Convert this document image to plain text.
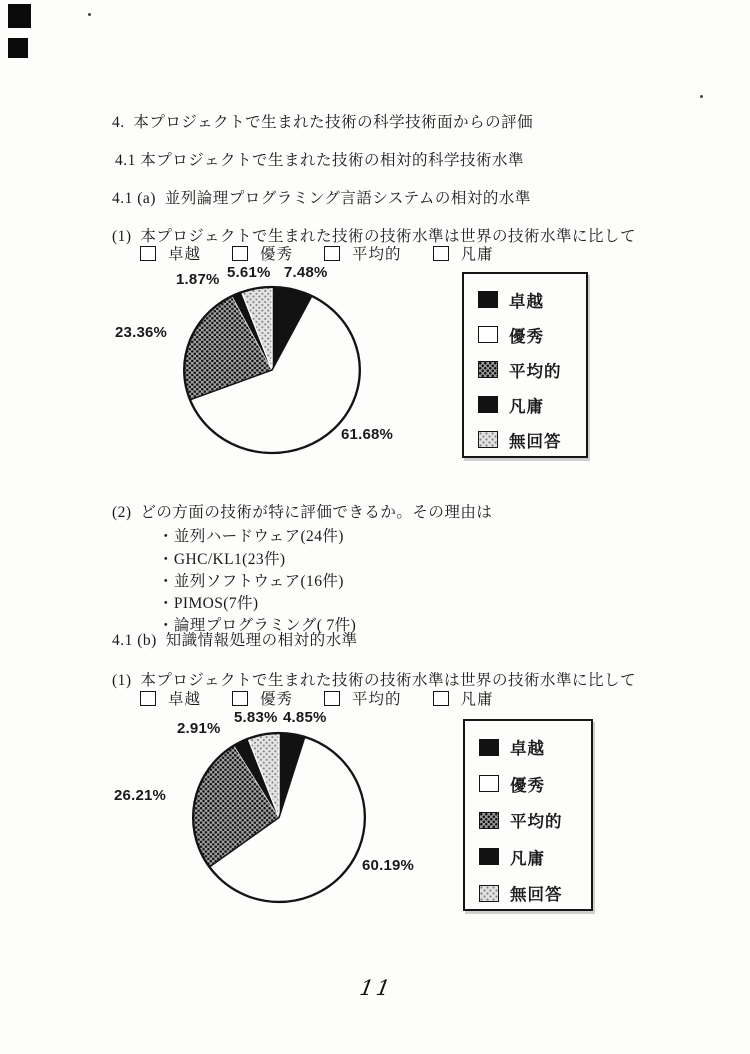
4.  本プロジェクトで生まれた技術の科学技術面からの評価
4.1 本プロジェクトで生まれた技術の相対的科学技術水準
4.1 (a)  並列論理プログラミング言語システムの相対的水準
(1)  本プロジェクトで生まれた技術の技術水準は世界の技術水準に比して
卓越	優秀	平均的	凡庸
1.87% 5.61% 7.48%
23.36%
61.68%
卓越
優秀
平均的
凡庸
無回答
(2)  どの方面の技術が特に評価できるか。その理由は
・並列ハードウェア(24件)
・GHC/KL1(23件)
・並列ソフトウェア(16件)
・PIMOS(7件)
・論理プログラミング( 7件)
4.1 (b)  知識情報処理の相対的水準
(1)  本プロジェクトで生まれた技術の技術水準は世界の技術水準に比して
卓越	優秀	平均的	凡庸
2.91%
5.83% 4.85%
26.21%
60.19%
卓越
優秀
平均的
凡庸
無回答
11
